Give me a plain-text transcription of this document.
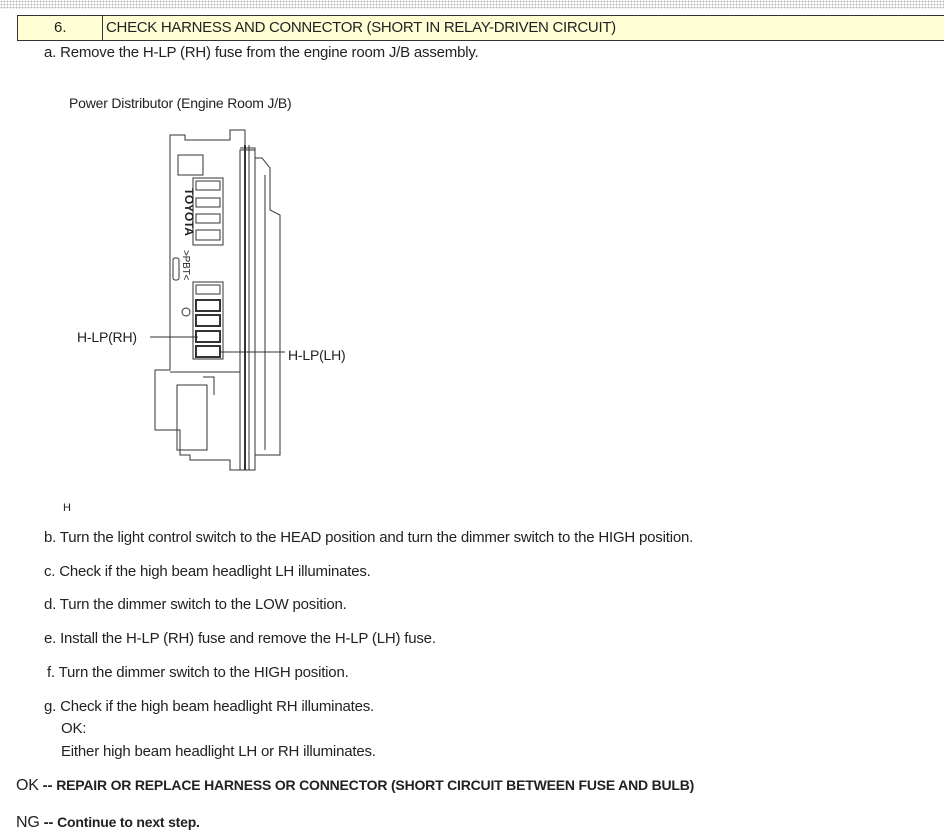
6.	CHECK HARNESS AND CONNECTOR (SHORT IN RELAY-DRIVEN CIRCUIT)
a. Remove the H-LP (RH) fuse from the engine room J/B assembly.
Power Distributor (Engine Room J/B)
TOYOTA
>PBT<
H-LP(RH)
H-LP(LH)
H
b. Turn the light control switch to the HEAD position and turn the dimmer switch to the HIGH position.
c. Check if the high beam headlight LH illuminates.
d. Turn the dimmer switch to the LOW position.
e. Install the H-LP (RH) fuse and remove the H-LP (LH) fuse.
f. Turn the dimmer switch to the HIGH position.
g. Check if the high beam headlight RH illuminates.
OK:
Either high beam headlight LH or RH illuminates.
OK -- REPAIR OR REPLACE HARNESS OR CONNECTOR (SHORT CIRCUIT BETWEEN FUSE AND BULB)
NG -- Continue to next step.
